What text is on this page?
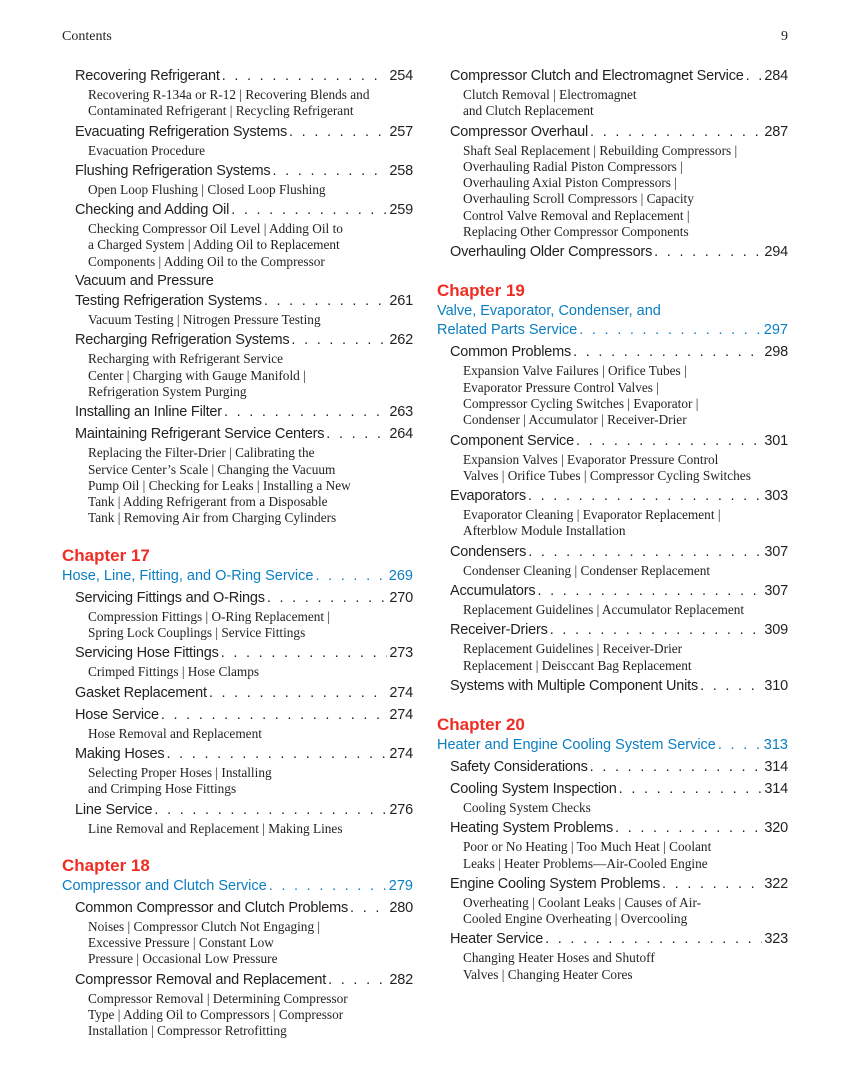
Contents	9
Recovering Refrigerant . . .	254
Recovering R-134a or R-12 | Recovering Blends and
Contaminated Refrigerant | Recycling Refrigerant
Evacuating Refrigeration Systems . . .	257
Evacuation Procedure
Flushing Refrigeration Systems . . .	258
Open Loop Flushing | Closed Loop Flushing
Checking and Adding Oil . . .	259
Checking Compressor Oil Level | Adding Oil to
a Charged System | Adding Oil to Replacement
Components | Adding Oil to the Compressor
Vacuum and Pressure
Testing Refrigeration Systems . . .	261
Vacuum Testing | Nitrogen Pressure Testing
Recharging Refrigeration Systems . . .	262
Recharging with Refrigerant Service
Center | Charging with Gauge Manifold |
Refrigeration System Purging
Installing an Inline Filter . . .	263
Maintaining Refrigerant Service Centers . . .	264
Replacing the Filter-Drier | Calibrating the
Service Center’s Scale | Changing the Vacuum
Pump Oil | Checking for Leaks | Installing a New
Tank | Adding Refrigerant from a Disposable
Tank | Removing Air from Charging Cylinders
Chapter 17
Hose, Line, Fitting, and O-Ring Service . . .	269
Servicing Fittings and O-Rings . . .	270
Compression Fittings | O-Ring Replacement |
Spring Lock Couplings | Service Fittings
Servicing Hose Fittings . . .	273
Crimped Fittings | Hose Clamps
Gasket Replacement . . .	274
Hose Service . . .	274
Hose Removal and Replacement
Making Hoses . . .	274
Selecting Proper Hoses | Installing
and Crimping Hose Fittings
Line Service . . .	276
Line Removal and Replacement | Making Lines
Chapter 18
Compressor and Clutch Service . . .	279
Common Compressor and Clutch Problems . . .	280
Noises | Compressor Clutch Not Engaging |
Excessive Pressure | Constant Low
Pressure | Occasional Low Pressure
Compressor Removal and Replacement . . .	282
Compressor Removal | Determining Compressor
Type | Adding Oil to Compressors | Compressor
Installation | Compressor Retrofitting
Compressor Clutch and Electromagnet Service . . . 284
Clutch Removal | Electromagnet
and Clutch Replacement
Compressor Overhaul . . .	287
Shaft Seal Replacement | Rebuilding Compressors |
Overhauling Radial Piston Compressors |
Overhauling Axial Piston Compressors |
Overhauling Scroll Compressors | Capacity
Control Valve Removal and Replacement |
Replacing Other Compressor Components
Overhauling Older Compressors . . .	294
Chapter 19
Valve, Evaporator, Condenser, and
Related Parts Service . . .	297
Common Problems . . .	298
Expansion Valve Failures | Orifice Tubes |
Evaporator Pressure Control Valves |
Compressor Cycling Switches | Evaporator |
Condenser | Accumulator | Receiver-Drier
Component Service . . .	301
Expansion Valves | Evaporator Pressure Control
Valves | Orifice Tubes | Compressor Cycling Switches
Evaporators . . .	303
Evaporator Cleaning | Evaporator Replacement |
Afterblow Module Installation
Condensers . . .	307
Condenser Cleaning | Condenser Replacement
Accumulators . . .	307
Replacement Guidelines | Accumulator Replacement
Receiver-Driers . . .	309
Replacement Guidelines | Receiver-Drier
Replacement | Deisccant Bag Replacement
Systems with Multiple Component Units . . .	310
Chapter 20
Heater and Engine Cooling System Service . . .	313
Safety Considerations . . .	314
Cooling System Inspection . . .	314
Cooling System Checks
Heating System Problems . . .	320
Poor or No Heating | Too Much Heat | Coolant
Leaks | Heater Problems—Air-Cooled Engine
Engine Cooling System Problems . . .	322
Overheating | Coolant Leaks | Causes of Air-
Cooled Engine Overheating | Overcooling
Heater Service . . .	323
Changing Heater Hoses and Shutoff
Valves | Changing Heater Cores
